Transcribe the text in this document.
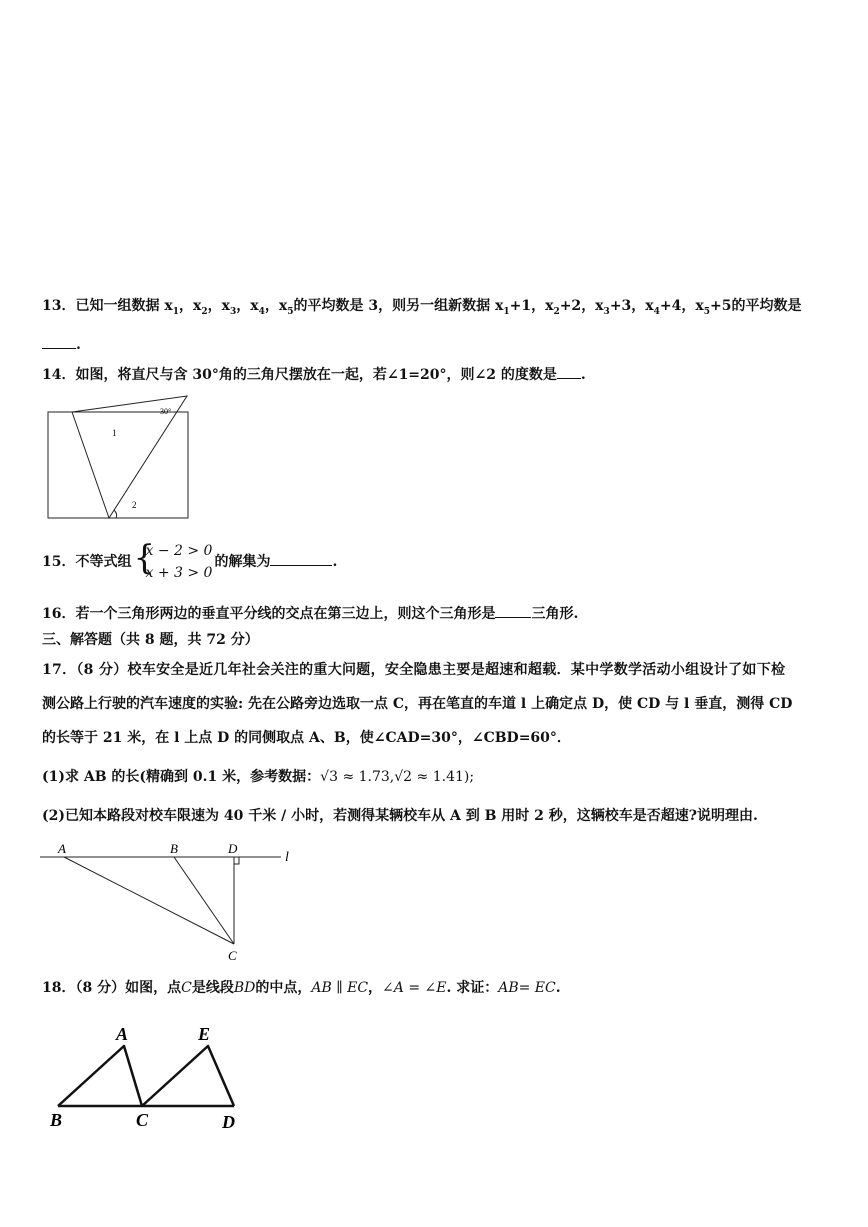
13．已知一组数据 $x_1$，$x_2$，$x_3$，$x_4$，$x_5$的平均数是 3，则另一组新数据 $x_1+1$，$x_2+2$，$x_3+3$，$x_4+4$，$x_5+5$的平均数是
.
14．如图，将直尺与含 30°角的三角尺摆放在一起，若∠1=20°，则∠2 的度数是 .
30°
1
2
15．不等式组 {
x − 2 > 0
x + 3 > 0
的解集为	.
16．若一个三角形两边的垂直平分线的交点在第三边上，则这个三角形是	三角形.
三、解答题（共 8 题，共 72 分）
17．（8 分）校车安全是近几年社会关注的重大问题，安全隐患主要是超速和超载．某中学数学活动小组设计了如下检
测公路上行驶的汽车速度的实验: 先在公路旁边选取一点 C，再在笔直的车道 l 上确定点 D，使 CD 与 l 垂直，测得 CD
的长等于 21 米，在 l 上点 D 的同侧取点 A、B，使∠CAD=30°，∠CBD=60°．
(1)求 AB 的长(精确到 0.1 米，参考数据：√3 ≈ 1.73,√2 ≈ 1.41);
(2)已知本路段对校车限速为 40 千米 / 小时，若测得某辆校车从 A 到 B 用时 2 秒，这辆校车是否超速?说明理由.
A	B	D
l
C
18．（8 分）如图，点C是线段BD的中点，AB ∥ EC，∠A = ∠E. 求证：AB= EC.
A	E
B	C	D
